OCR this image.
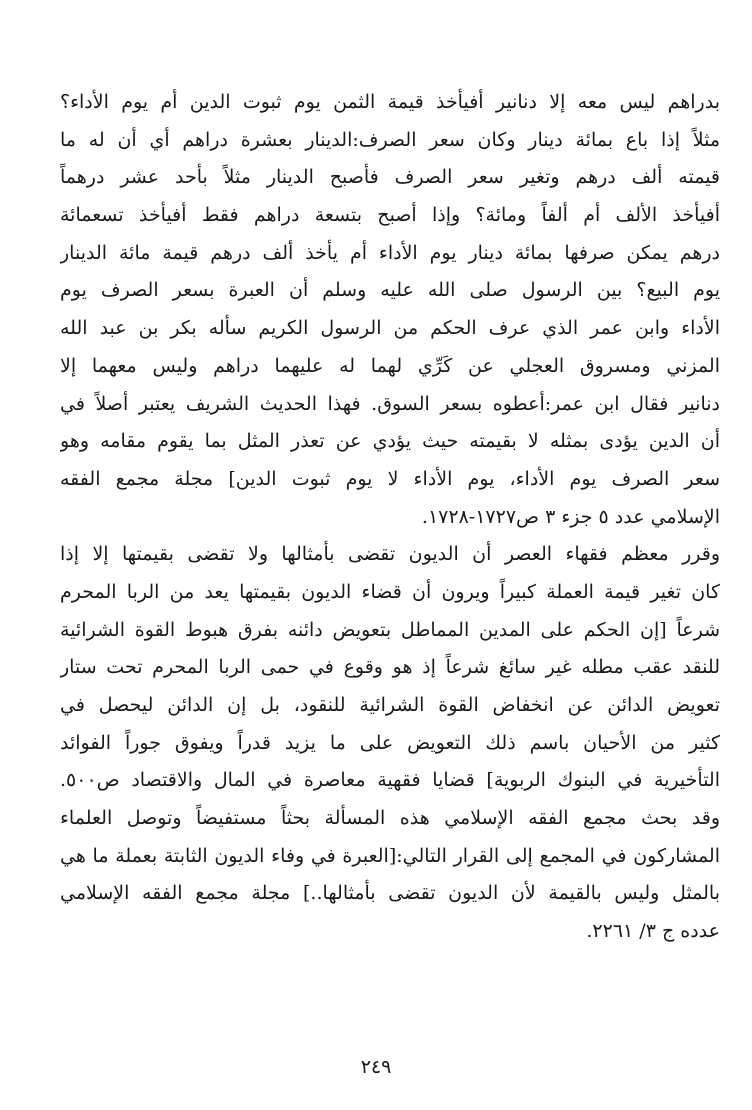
بدراهم ليس معه إلا دنانير أفيأخذ قيمة الثمن يوم ثبوت الدين أم يوم الأداء؟
مثلاً إذا باع بمائة دينار وكان سعر الصرف:الدينار بعشرة دراهم أي أن له ما
قيمته ألف درهم وتغير سعر الصرف فأصبح الدينار مثلاً بأحد عشر درهماً
أفيأخذ الألف أم ألفاً ومائة؟ وإذا أصبح بتسعة دراهم فقط أفيأخذ تسعمائة
درهم يمكن صرفها بمائة دينار يوم الأداء أم يأخذ ألف درهم قيمة مائة الدينار
يوم البيع؟ بين الرسول صلى الله عليه وسلم أن العبرة بسعر الصرف يوم
الأداء وابن عمر الذي عرف الحكم من الرسول الكريم سأله بكر بن عبد الله
المزني ومسروق العجلي عن كَرِّي لهما له عليهما دراهم وليس معهما إلا
دنانير فقال ابن عمر:أعطوه بسعر السوق. فهذا الحديث الشريف يعتبر أصلاً في
أن الدين يؤدى بمثله لا بقيمته حيث يؤدي عن تعذر المثل بما يقوم مقامه وهو
سعر الصرف يوم الأداء، يوم الأداء لا يوم ثبوت الدين] مجلة مجمع الفقه
الإسلامي عدد ٥ جزء ٣ ص١٧٢٧-١٧٢٨.
وقرر معظم فقهاء العصر أن الديون تقضى بأمثالها ولا تقضى بقيمتها إلا إذا
كان تغير قيمة العملة كبيراً ويرون أن قضاء الديون بقيمتها يعد من الربا المحرم
شرعاً [إن الحكم على المدين المماطل بتعويض دائنه بفرق هبوط القوة الشرائية
للنقد عقب مطله غير سائغ شرعاً إذ هو وقوع في حمى الربا المحرم تحت ستار
تعويض الدائن عن انخفاض القوة الشرائية للنقود، بل إن الدائن ليحصل في
كثير من الأحيان باسم ذلك التعويض على ما يزيد قدراً ويفوق جوراً الفوائد
التأخيرية في البنوك الربوية] قضايا فقهية معاصرة في المال والاقتصاد ص٥٠٠.
وقد بحث مجمع الفقه الإسلامي هذه المسألة بحثاً مستفيضاً وتوصل العلماء
المشاركون في المجمع إلى القرار التالي:[العبرة في وفاء الديون الثابتة بعملة ما هي
بالمثل وليس بالقيمة لأن الديون تقضى بأمثالها..] مجلة مجمع الفقه الإسلامي
عدده ج ٣/ ٢٢٦١.
٢٤٩
